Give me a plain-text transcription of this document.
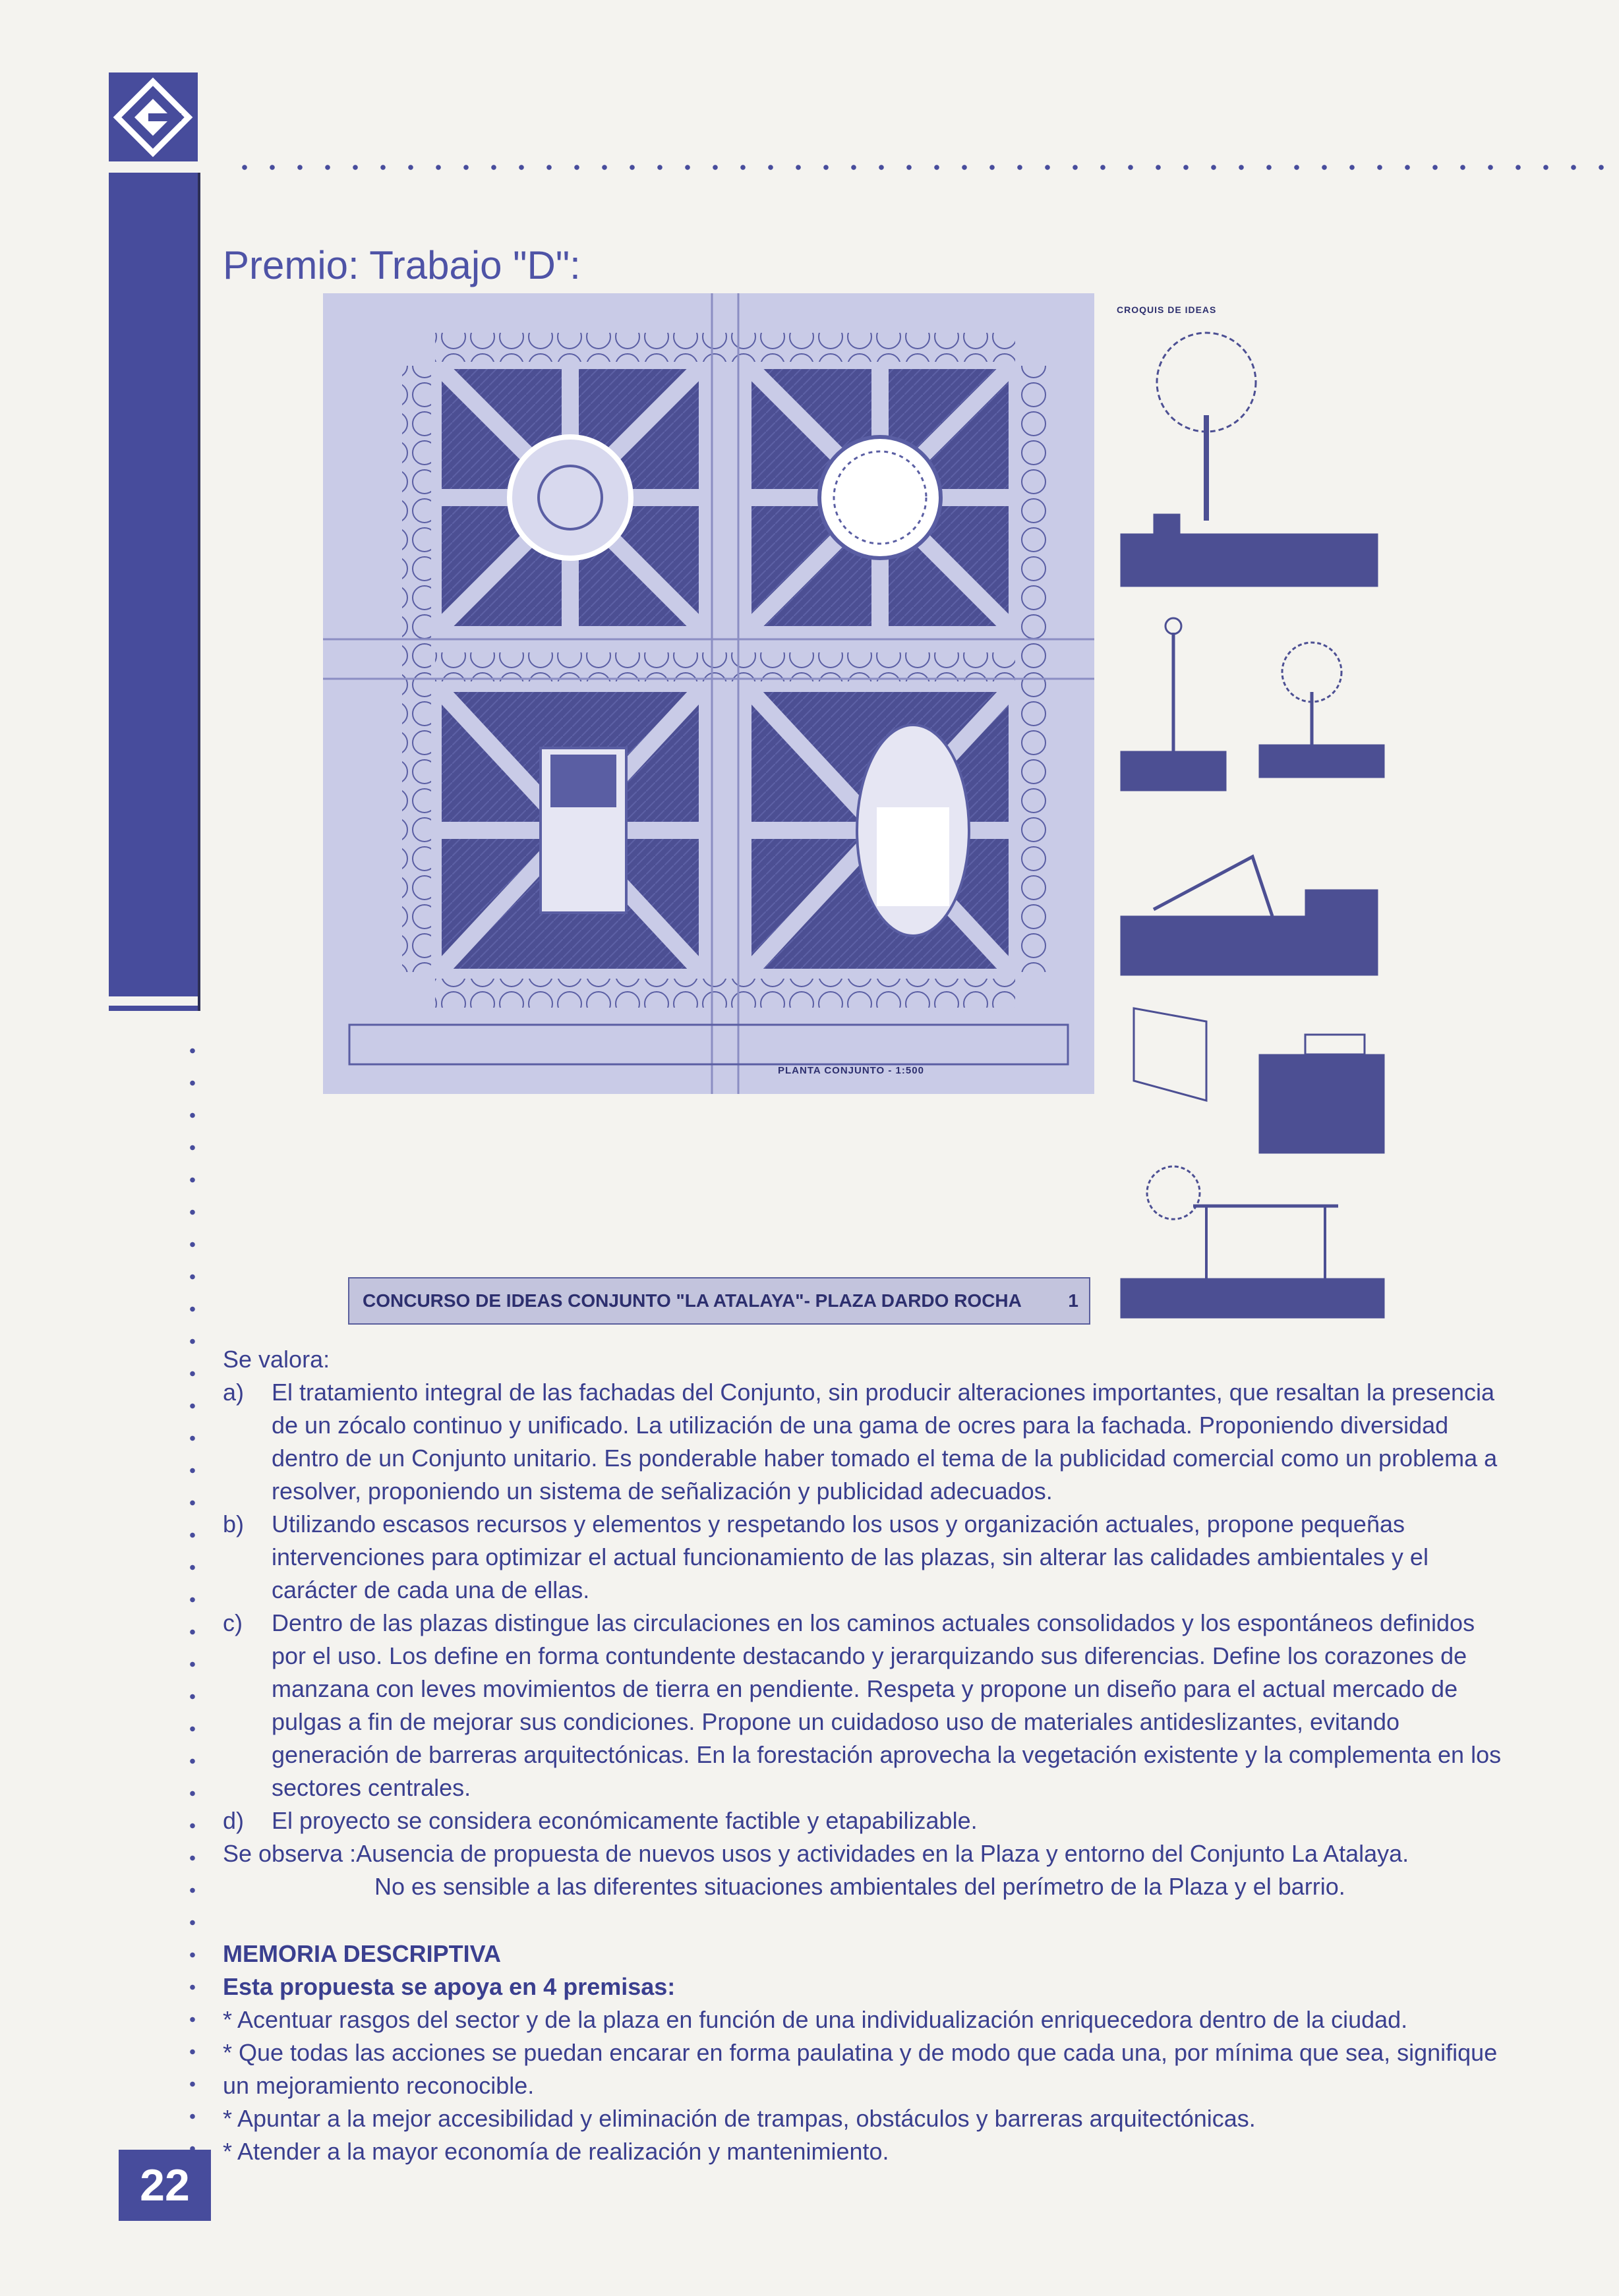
Premio: Trabajo "D":
PLANTA CONJUNTO - 1:500
CROQUIS DE IDEAS
CONCURSO DE IDEAS CONJUNTO "LA ATALAYA"- PLAZA DARDO ROCHA	1

Se valora:

a)	El tratamiento integral de las fachadas del Conjunto, sin producir alteraciones importantes, que resaltan la presencia de un zócalo continuo y unificado. La utilización de una gama de ocres para la fachada. Proponiendo diversidad dentro de un Conjunto unitario. Es ponderable haber tomado el tema de la publicidad comercial como un problema a resolver, proponiendo un sistema de señalización y publicidad adecuados.
b)	Utilizando escasos recursos y elementos y respetando los usos y organización actuales, propone pequeñas intervenciones para optimizar el actual funcionamiento de las plazas, sin alterar las calidades ambientales y el carácter de cada una de ellas.
c)	Dentro de las plazas distingue las circulaciones en los caminos actuales consolidados y los espontáneos definidos por el uso. Los define en forma contundente destacando y jerarquizando sus diferencias. Define los corazones de manzana con leves movimientos de tierra en pendiente. Respeta y propone un diseño para el actual mercado de pulgas a fin de mejorar sus condiciones. Propone un cuidadoso uso de materiales antideslizantes, evitando generación de barreras arquitectónicas. En la forestación aprovecha la vegetación existente y la complementa en los sectores centrales.
d)	El proyecto se considera económicamente factible y etapabilizable.

Se observa :Ausencia de propuesta de nuevos usos y actividades en la Plaza y entorno del Conjunto La Atalaya.

No es sensible a las diferentes situaciones ambientales del perímetro de la Plaza y el barrio.

MEMORIA DESCRIPTIVA

Esta propuesta se apoya en 4 premisas:

* Acentuar rasgos del sector y de la plaza en función de una individualización enriquecedora dentro de la ciudad.

* Que todas las acciones se puedan encarar en forma paulatina y de modo que cada una, por mínima que sea, signifique un mejoramiento reconocible.

* Apuntar a la mejor accesibilidad y eliminación de trampas, obstáculos y barreras arquitectónicas.

* Atender a la mayor economía de realización y mantenimiento.

22
